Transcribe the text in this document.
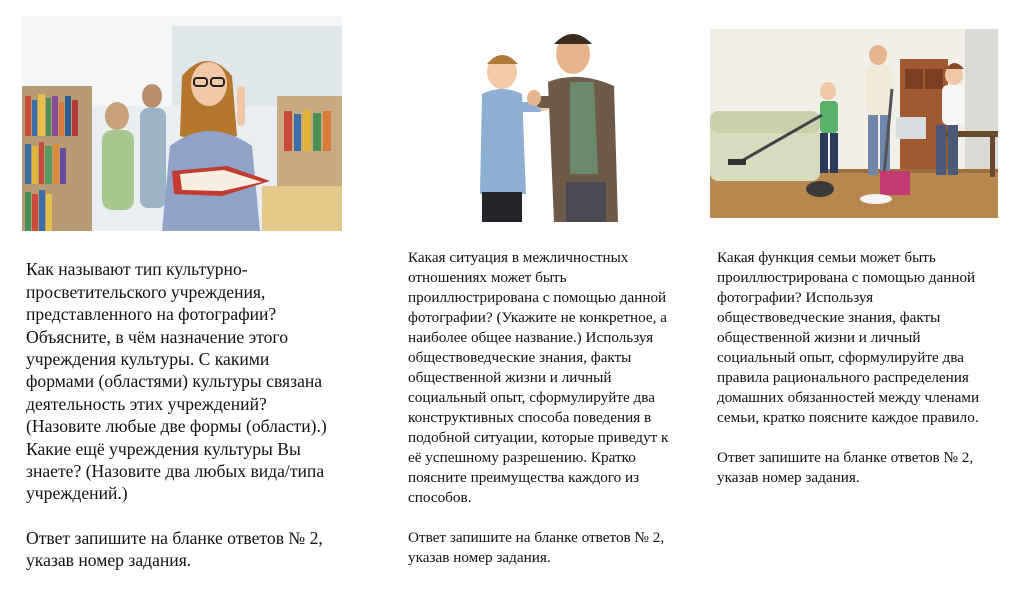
Как называют тип культурно-
просветительского учреждения,
представленного на фотографии?
Объясните, в чём назначение этого
учреждения культуры. С какими
формами (областями) культуры связана
деятельность этих учреждений?
(Назовите любые две формы (области).)
Какие ещё учреждения культуры Вы
знаете? (Назовите два любых вида/типа
учреждений.)

Ответ запишите на бланке ответов № 2,
указав номер задания.

Какая ситуация в межличностных
отношениях может быть
проиллюстрирована с помощью данной
фотографии? (Укажите не конкретное, а
наиболее общее название.) Используя
обществоведческие знания, факты
общественной жизни и личный
социальный опыт, сформулируйте два
конструктивных способа поведения в
подобной ситуации, которые приведут к
её успешному разрешению. Кратко
поясните преимущества каждого из
способов.

Ответ запишите на бланке ответов № 2,
указав номер задания.

Какая функция семьи может быть
проиллюстрирована с помощью данной
фотографии? Используя
обществоведческие знания, факты
общественной жизни и личный
социальный опыт, сформулируйте два
правила рационального распределения
домашних обязанностей между членами
семьи, кратко поясните каждое правило.

Ответ запишите на бланке ответов № 2,
указав номер задания.
